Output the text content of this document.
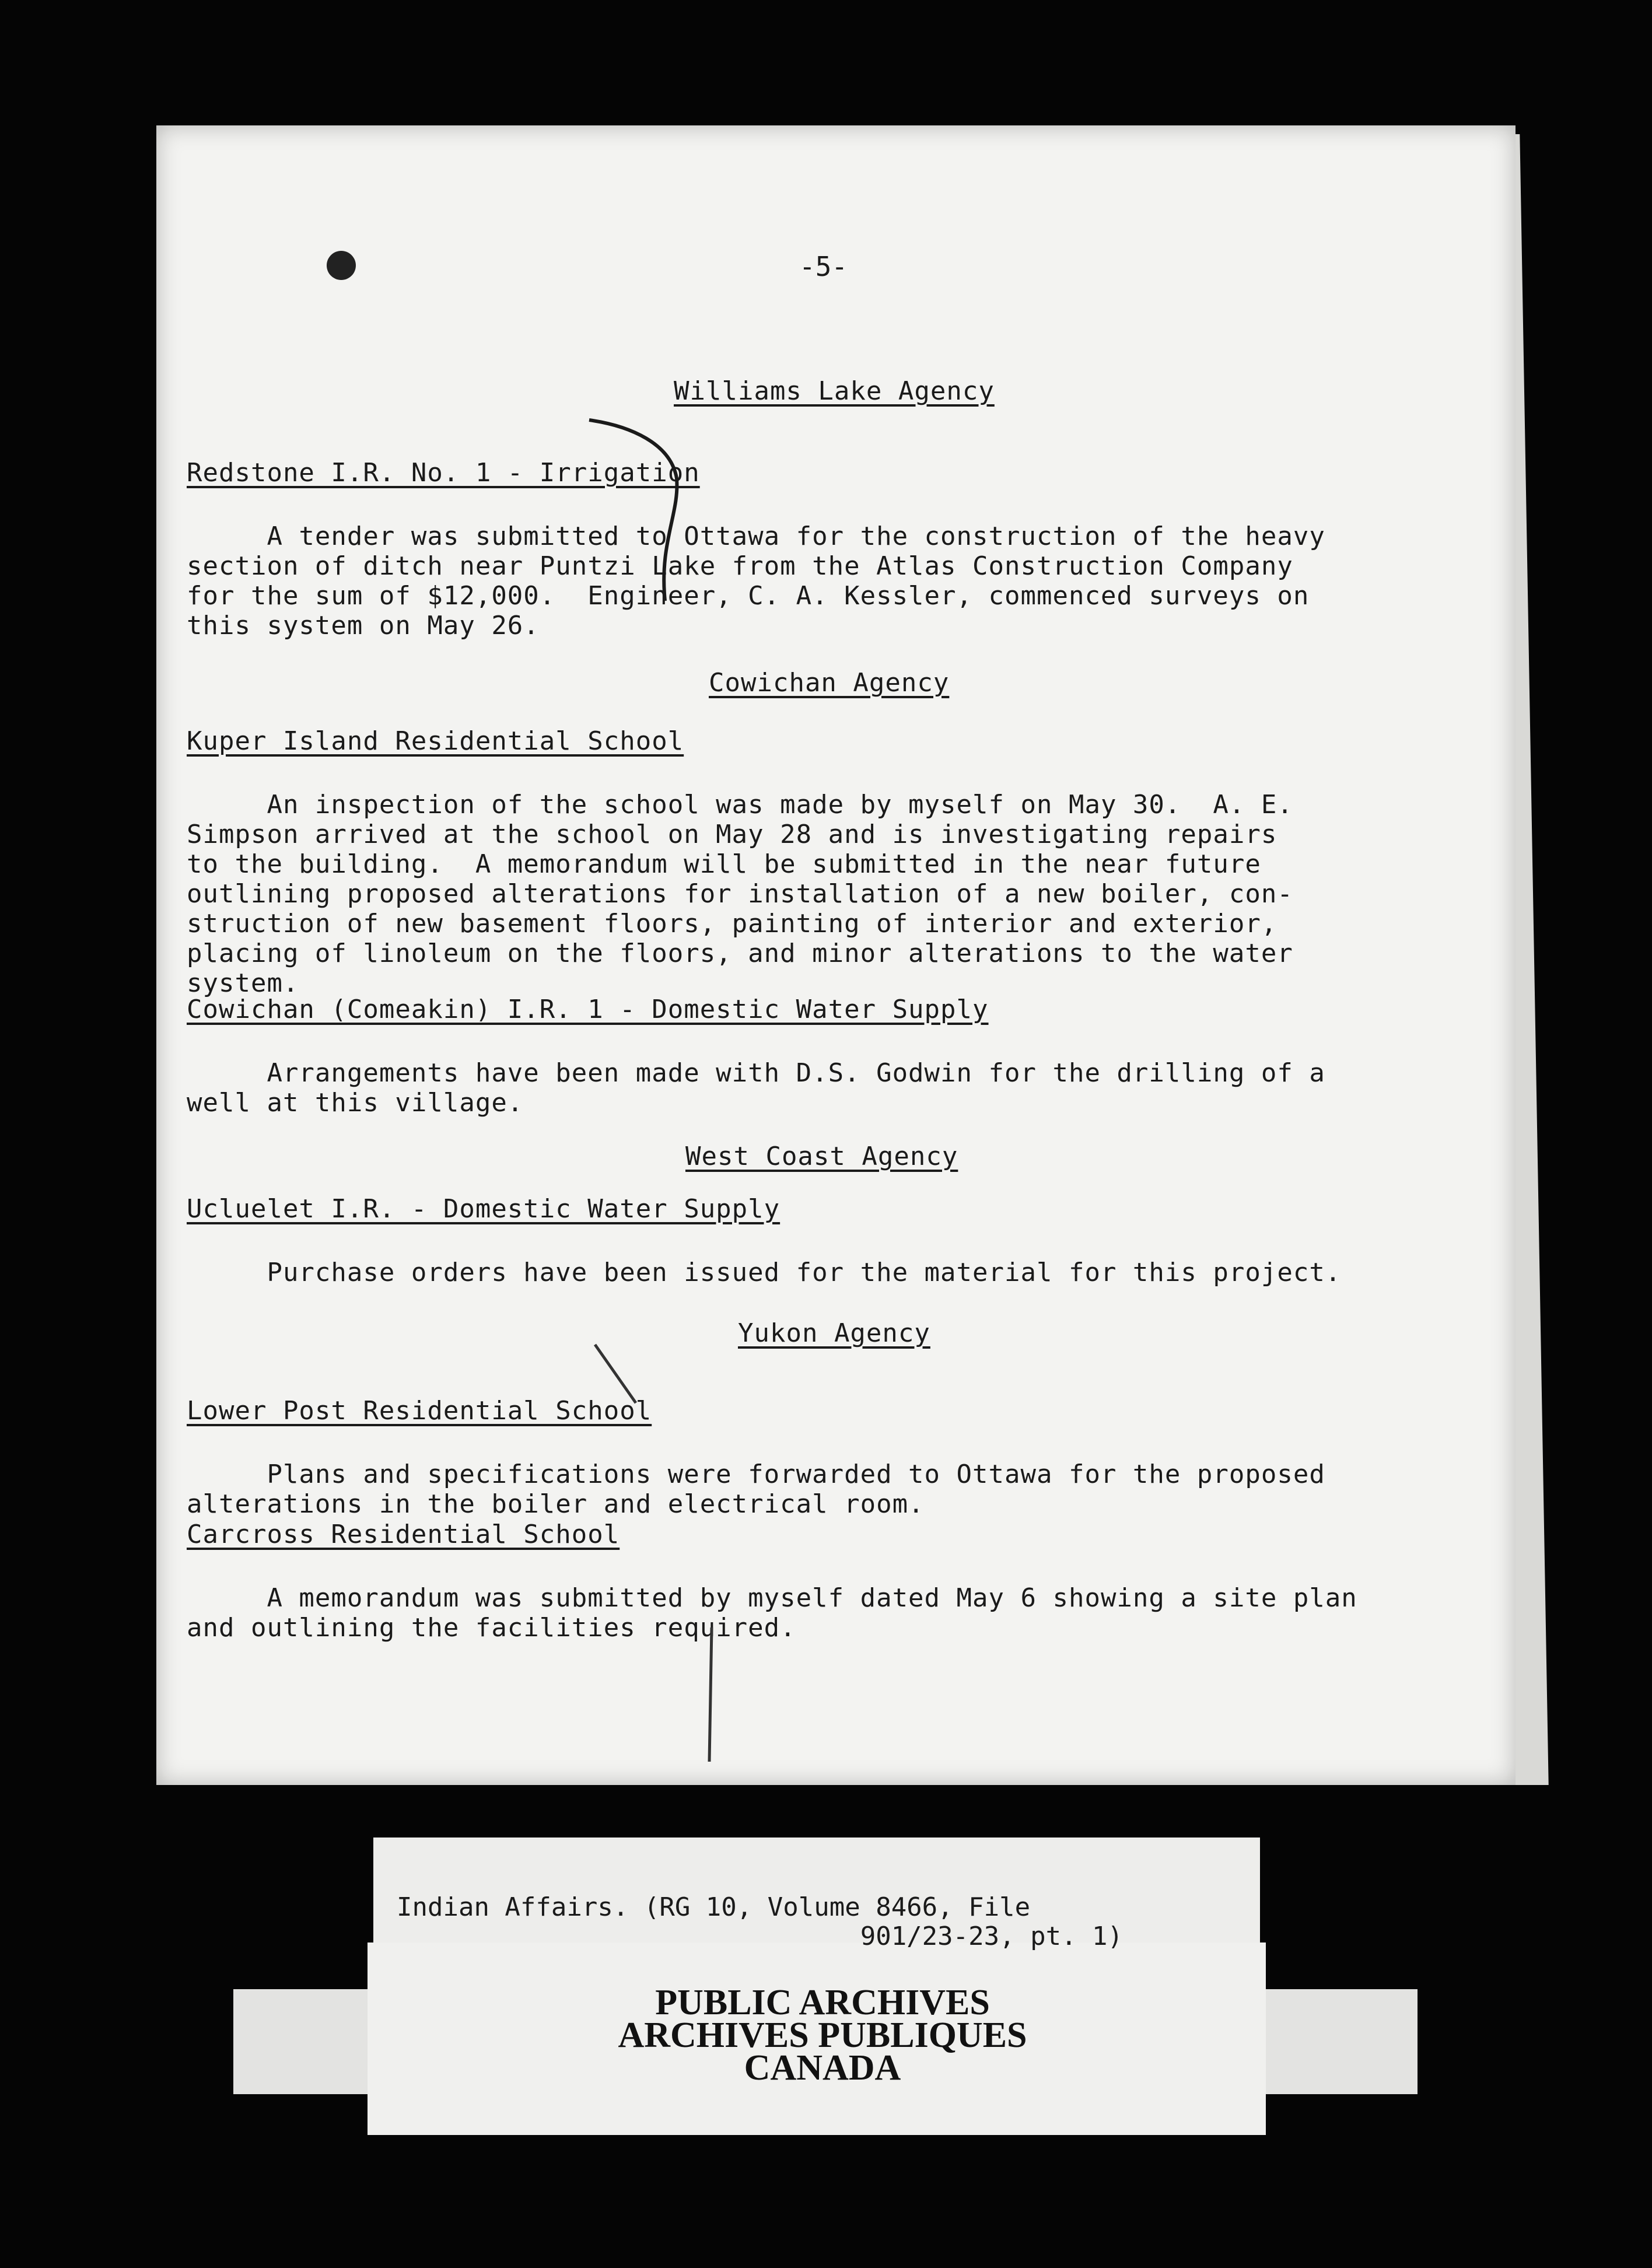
-5-
Williams Lake Agency
Redstone I.R. No. 1 - Irrigation

A tender was submitted to Ottawa for the construction of the heavy
section of ditch near Puntzi Lake from the Atlas Construction Company
for the sum of $12,000.  Engineer, C. A. Kessler, commenced surveys on
this system on May 26.

Cowichan Agency
Kuper Island Residential School

An inspection of the school was made by myself on May 30.  A. E.
Simpson arrived at the school on May 28 and is investigating repairs
to the building.  A memorandum will be submitted in the near future
outlining proposed alterations for installation of a new boiler, con-
struction of new basement floors, painting of interior and exterior,
placing of linoleum on the floors, and minor alterations to the water
system.

Cowichan (Comeakin) I.R. 1 - Domestic Water Supply

Arrangements have been made with D.S. Godwin for the drilling of a
well at this village.

West Coast Agency
Ucluelet I.R. - Domestic Water Supply

Purchase orders have been issued for the material for this project.

Yukon Agency
Lower Post Residential School

Plans and specifications were forwarded to Ottawa for the proposed
alterations in the boiler and electrical room.

Carcross Residential School

A memorandum was submitted by myself dated May 6 showing a site plan
and outlining the facilities required.

Indian Affairs. (RG 10, Volume 8466, File
901/23-23, pt. 1)
PUBLIC ARCHIVES
ARCHIVES PUBLIQUES
CANADA
